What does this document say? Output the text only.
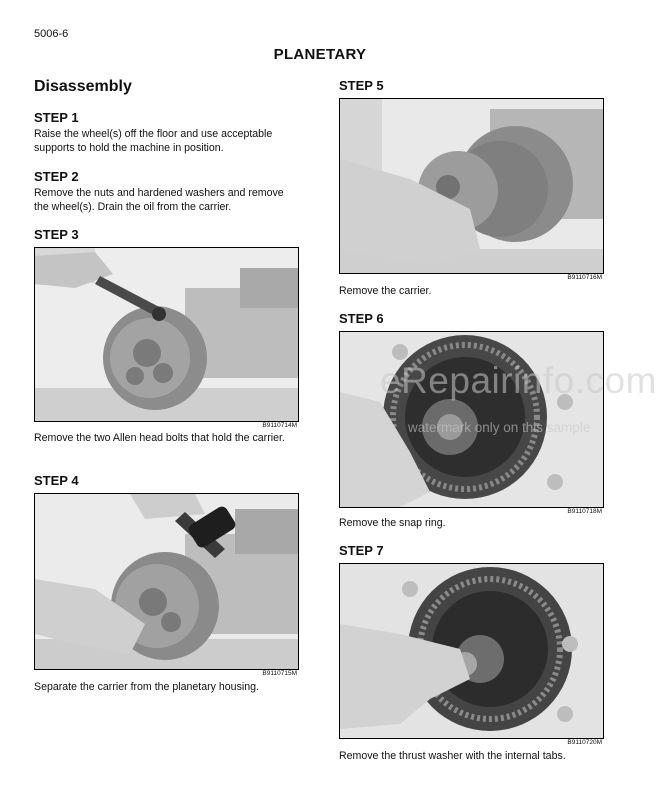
5006-6
PLANETARY
Disassembly
STEP 1
Raise the wheel(s) off the floor and use acceptable supports to hold the machine in position.
STEP 2
Remove the nuts and hardened washers and remove the wheel(s). Drain the oil from the carrier.
STEP 3
B9110714M
Remove the two Allen head bolts that hold the carrier.
STEP 4
B9110715M
Separate the carrier from the planetary housing.
STEP 5
B9110716M
Remove the carrier.
STEP 6
B9110718M
Remove the snap ring.
STEP 7
B9110720M
Remove the thrust washer with the internal tabs.
eRepairinfo.com
watermark only on this sample
